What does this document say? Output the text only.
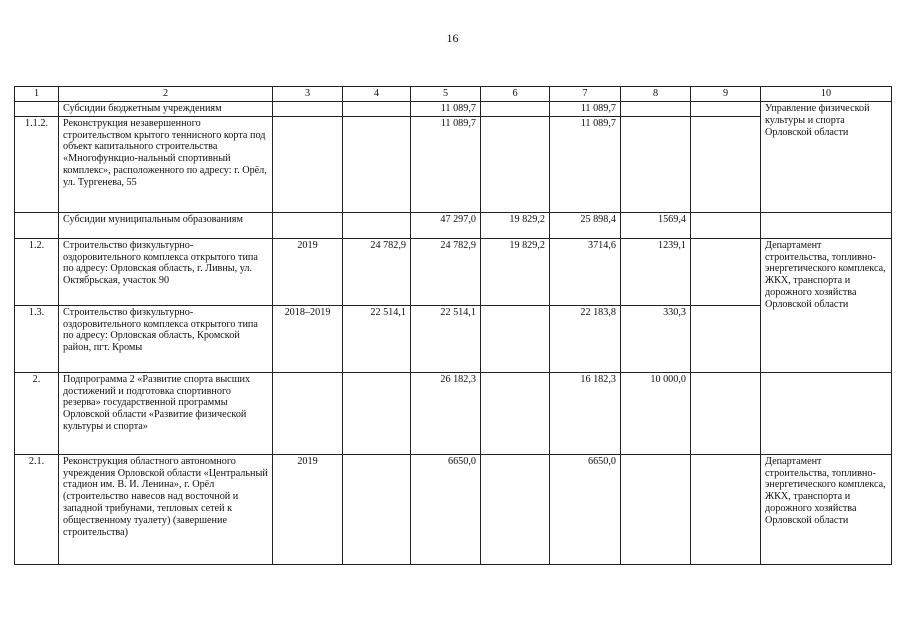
16
1	2	3	4	5	6	7	8	9	10
	Субсидии бюджетным учреждениям			11 089,7		11 089,7			Управление физической культуры и спорта Орловской области
1.1.2.	Реконструкция незавершенного строительством крытого теннисного корта под объект капитального строительства «Многофункцио-нальный спортивный комплекс», расположенного по адресу: г. Орёл, ул. Тургенева, 55			11 089,7		11 089,7			
	Субсидии муниципальным образованиям			47 297,0	19 829,2	25 898,4	1569,4		
1.2.	Строительство физкультурно-оздоровительного комплекса открытого типа по адресу: Орловская область, г. Ливны, ул. Октябрьская, участок 90	2019	24 782,9	24 782,9	19 829,2	3714,6	1239,1		Департамент строительства, топливно-энергетического комплекса, ЖКХ, транспорта и дорожного хозяйства Орловской области
1.3.	Строительство физкультурно-оздоровительного комплекса открытого типа по адресу: Орловская область, Кромской район, пгт. Кромы	2018–2019	22 514,1	22 514,1		22 183,8	330,3		
2.	Подпрограмма 2 «Развитие спорта высших достижений и подготовка спортивного резерва» государственной программы Орловской области «Развитие физической культуры и спорта»			26 182,3		16 182,3	10 000,0		
2.1.	Реконструкция областного автономного учреждения Орловской области «Центральный стадион им. В. И. Ленина», г. Орёл (строительство навесов над восточной и западной трибунами, тепловых сетей к общественному туалету) (завершение строительства)	2019		6650,0		6650,0			Департамент строительства, топливно-энергетического комплекса, ЖКХ, транспорта и дорожного хозяйства Орловской области
